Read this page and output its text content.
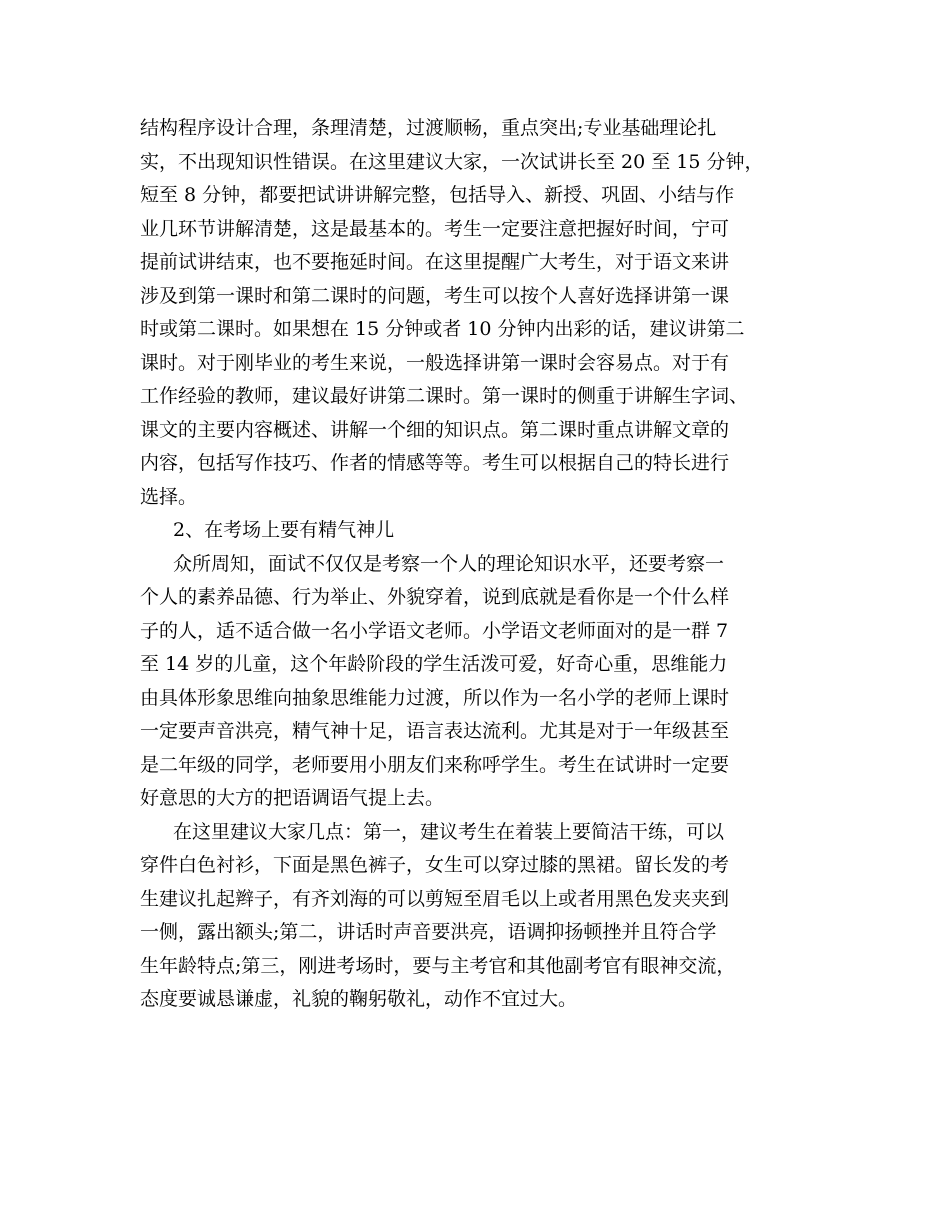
结构程序设计合理，条理清楚，过渡顺畅，重点突出;专业基础理论扎
实，不出现知识性错误。在这里建议大家，一次试讲长至 20 至 15 分钟，
短至 8 分钟，都要把试讲讲解完整，包括导入、新授、巩固、小结与作
业几环节讲解清楚，这是最基本的。考生一定要注意把握好时间，宁可
提前试讲结束，也不要拖延时间。在这里提醒广大考生，对于语文来讲
涉及到第一课时和第二课时的问题，考生可以按个人喜好选择讲第一课
时或第二课时。如果想在 15 分钟或者 10 分钟内出彩的话，建议讲第二
课时。对于刚毕业的考生来说，一般选择讲第一课时会容易点。对于有
工作经验的教师，建议最好讲第二课时。第一课时的侧重于讲解生字词、
课文的主要内容概述、讲解一个细的知识点。第二课时重点讲解文章的
内容，包括写作技巧、作者的情感等等。考生可以根据自己的特长进行
选择。
2、在考场上要有精气神儿
众所周知，面试不仅仅是考察一个人的理论知识水平，还要考察一
个人的素养品德、行为举止、外貌穿着，说到底就是看你是一个什么样
子的人，适不适合做一名小学语文老师。小学语文老师面对的是一群 7
至 14 岁的儿童，这个年龄阶段的学生活泼可爱，好奇心重，思维能力
由具体形象思维向抽象思维能力过渡，所以作为一名小学的老师上课时
一定要声音洪亮，精气神十足，语言表达流利。尤其是对于一年级甚至
是二年级的同学，老师要用小朋友们来称呼学生。考生在试讲时一定要
好意思的大方的把语调语气提上去。
在这里建议大家几点：第一，建议考生在着装上要简洁干练，可以
穿件白色衬衫，下面是黑色裤子，女生可以穿过膝的黑裙。留长发的考
生建议扎起辫子，有齐刘海的可以剪短至眉毛以上或者用黑色发夹夹到
一侧，露出额头;第二，讲话时声音要洪亮，语调抑扬顿挫并且符合学
生年龄特点;第三，刚进考场时，要与主考官和其他副考官有眼神交流，
态度要诚恳谦虚，礼貌的鞠躬敬礼，动作不宜过大。
